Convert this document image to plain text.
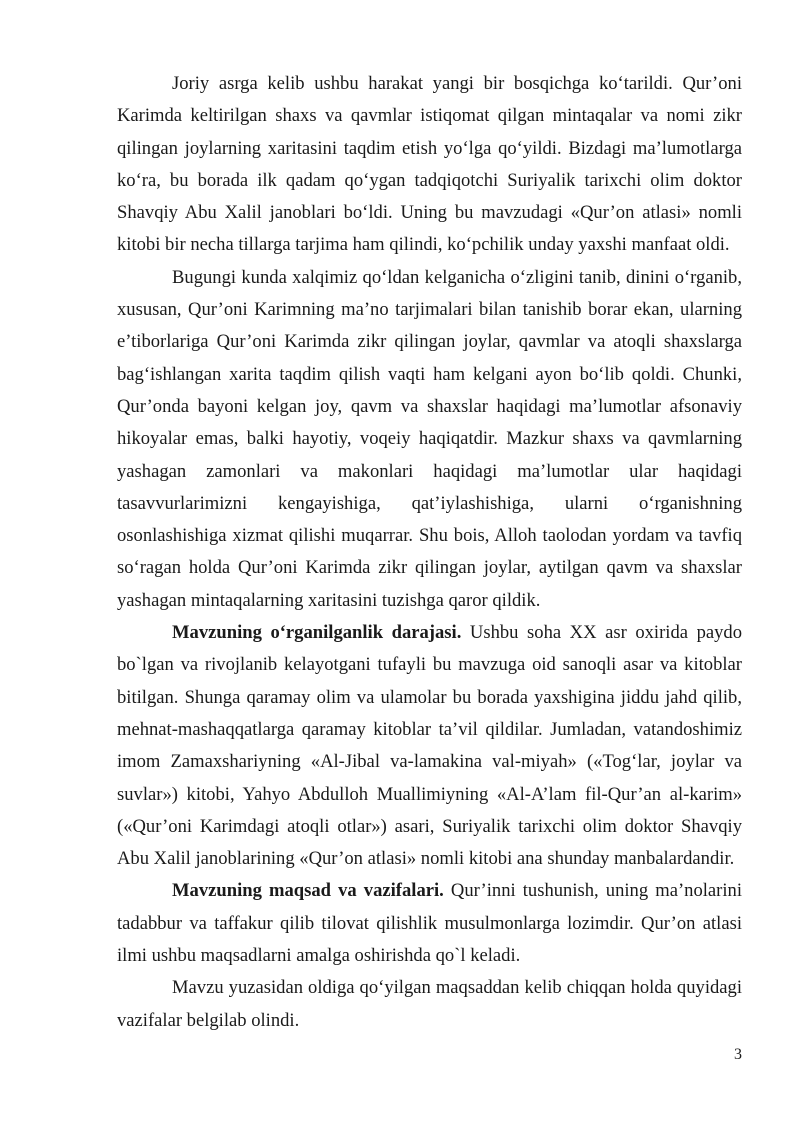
Joriy asrga kelib ushbu harakat yangi bir bosqichga ko‘tarildi. Qur’oni Karimda keltirilgan shaxs va qavmlar istiqomat qilgan mintaqalar va nomi zikr qilingan joylarning xaritasini taqdim etish yo‘lga qo‘yildi. Bizdagi ma’lumotlarga ko‘ra, bu borada ilk qadam qo‘ygan tadqiqotchi Suriyalik tarixchi olim doktor Shavqiy Abu Xalil janoblari bo‘ldi. Uning bu mavzudagi «Qur’on atlasi» nomli kitobi bir necha tillarga tarjima ham qilindi, ko‘pchilik unday yaxshi manfaat oldi.

Bugungi kunda xalqimiz qo‘ldan kelganicha o‘zligini tanib, dinini o‘rganib, xususan, Qur’oni Karimning ma’no tarjimalari bilan tanishib borar ekan, ularning e’tiborlariga Qur’oni Karimda zikr qilingan joylar, qavmlar va atoqli shaxslarga bag‘ishlangan xarita taqdim qilish vaqti ham kelgani ayon bo‘lib qoldi. Chunki, Qur’onda bayoni kelgan joy, qavm va shaxslar haqidagi ma’lumotlar afsonaviy hikoyalar emas, balki hayotiy, voqeiy haqiqatdir. Mazkur shaxs va qavmlarning yashagan zamonlari va makonlari haqidagi ma’lumotlar ular haqidagi tasavvurlarimizni kengayishiga, qat’iylashishiga, ularni o‘rganishning osonlashishiga xizmat qilishi muqarrar. Shu bois, Alloh taolodan yordam va tavfiq so‘ragan holda Qur’oni Karimda zikr qilingan joylar, aytilgan qavm va shaxslar yashagan mintaqalarning xaritasini tuzishga qaror qildik.

Mavzuning o‘rganilganlik darajasi. Ushbu soha XX asr oxirida paydo bo`lgan va rivojlanib kelayotgani tufayli bu mavzuga oid sanoqli asar va kitoblar bitilgan. Shunga qaramay olim va ulamolar bu borada yaxshigina jiddu jahd qilib, mehnat-mashaqqatlarga qaramay kitoblar ta’vil qildilar. Jumladan, vatandoshimiz imom Zamaxshariyning «Al-Jibal va-lamakina val-miyah» («Tog‘lar, joylar va suvlar») kitobi, Yahyo Abdulloh Muallimiyning «Al-A’lam fil-Qur’an al-karim» («Qur’oni Karimdagi atoqli otlar») asari, Suriyalik tarixchi olim doktor Shavqiy Abu Xalil janoblarining «Qur’on atlasi» nomli kitobi ana shunday manbalardandir.

Mavzuning maqsad va vazifalari. Qur’inni tushunish, uning ma’nolarini tadabbur va taffakur qilib tilovat qilishlik musulmonlarga lozimdir. Qur’on atlasi ilmi ushbu maqsadlarni amalga oshirishda qo`l keladi.

Mavzu yuzasidan oldiga qo‘yilgan maqsaddan kelib chiqqan holda quyidagi vazifalar belgilab olindi.

3
